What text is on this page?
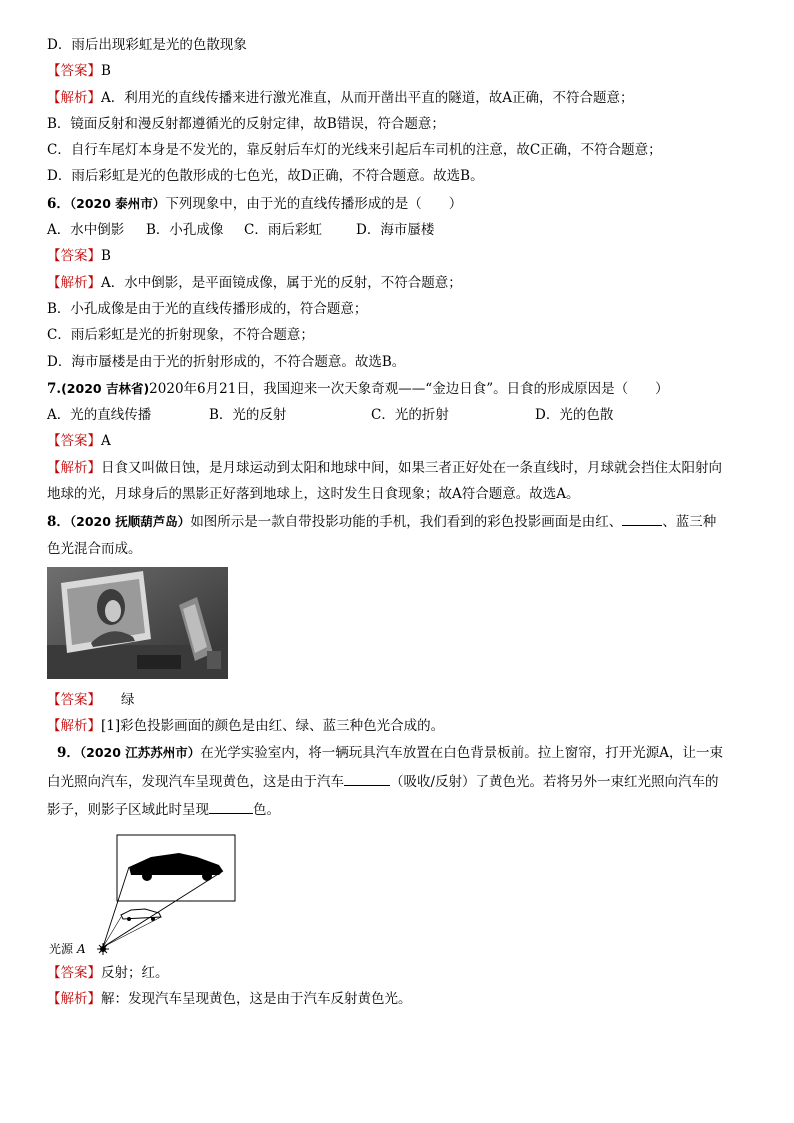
D．雨后出现彩虹是光的色散现象
【答案】B
【解析】A．利用光的直线传播来进行激光准直，从而开凿出平直的隧道，故A正确，不符合题意；
B．镜面反射和漫反射都遵循光的反射定律，故B错误，符合题意；
C．自行车尾灯本身是不发光的，靠反射后车灯的光线来引起后车司机的注意，故C正确，不符合题意；
D．雨后彩虹是光的色散形成的七色光，故D正确，不符合题意。故选B。
6．（2020 泰州市）下列现象中，由于光的直线传播形成的是（　　）
A．水中倒影 B．小孔成像 C．雨后彩虹	D．海市蜃楼
【答案】B
【解析】A．水中倒影，是平面镜成像，属于光的反射，不符合题意；
B．小孔成像是由于光的直线传播形成的，符合题意；
C．雨后彩虹是光的折射现象，不符合题意；
D．海市蜃楼是由于光的折射形成的，不符合题意。故选B。
7.(2020 吉林省)2020年6月21日，我国迎来一次天象奇观——“金边日食”。日食的形成原因是（　　）
A．光的直线传播	B．光的反射	C．光的折射	D．光的色散
【答案】A
【解析】日食又叫做日蚀，是月球运动到太阳和地球中间，如果三者正好处在一条直线时，月球就会挡住太阳射向
地球的光，月球身后的黑影正好落到地球上，这时发生日食现象；故A符合题意。故选A。
8．（2020 抚顺葫芦岛）如图所示是一款自带投影功能的手机，我们看到的彩色投影画面是由红、	、蓝三种
色光混合而成。
【答案】 绿
【解析】[1]彩色投影画面的颜色是由红、绿、蓝三种色光合成的。
9．（2020 江苏苏州市）在光学实验室内，将一辆玩具汽车放置在白色背景板前。拉上窗帘，打开光源A，让一束
白光照向汽车，发现汽车呈现黄色，这是由于汽车	（吸收/反射）了黄色光。若将另外一束红光照向汽车的
影子，则影子区域此时呈现	色。
光源 A
【答案】反射；红。
【解析】解：发现汽车呈现黄色，这是由于汽车反射黄色光。
